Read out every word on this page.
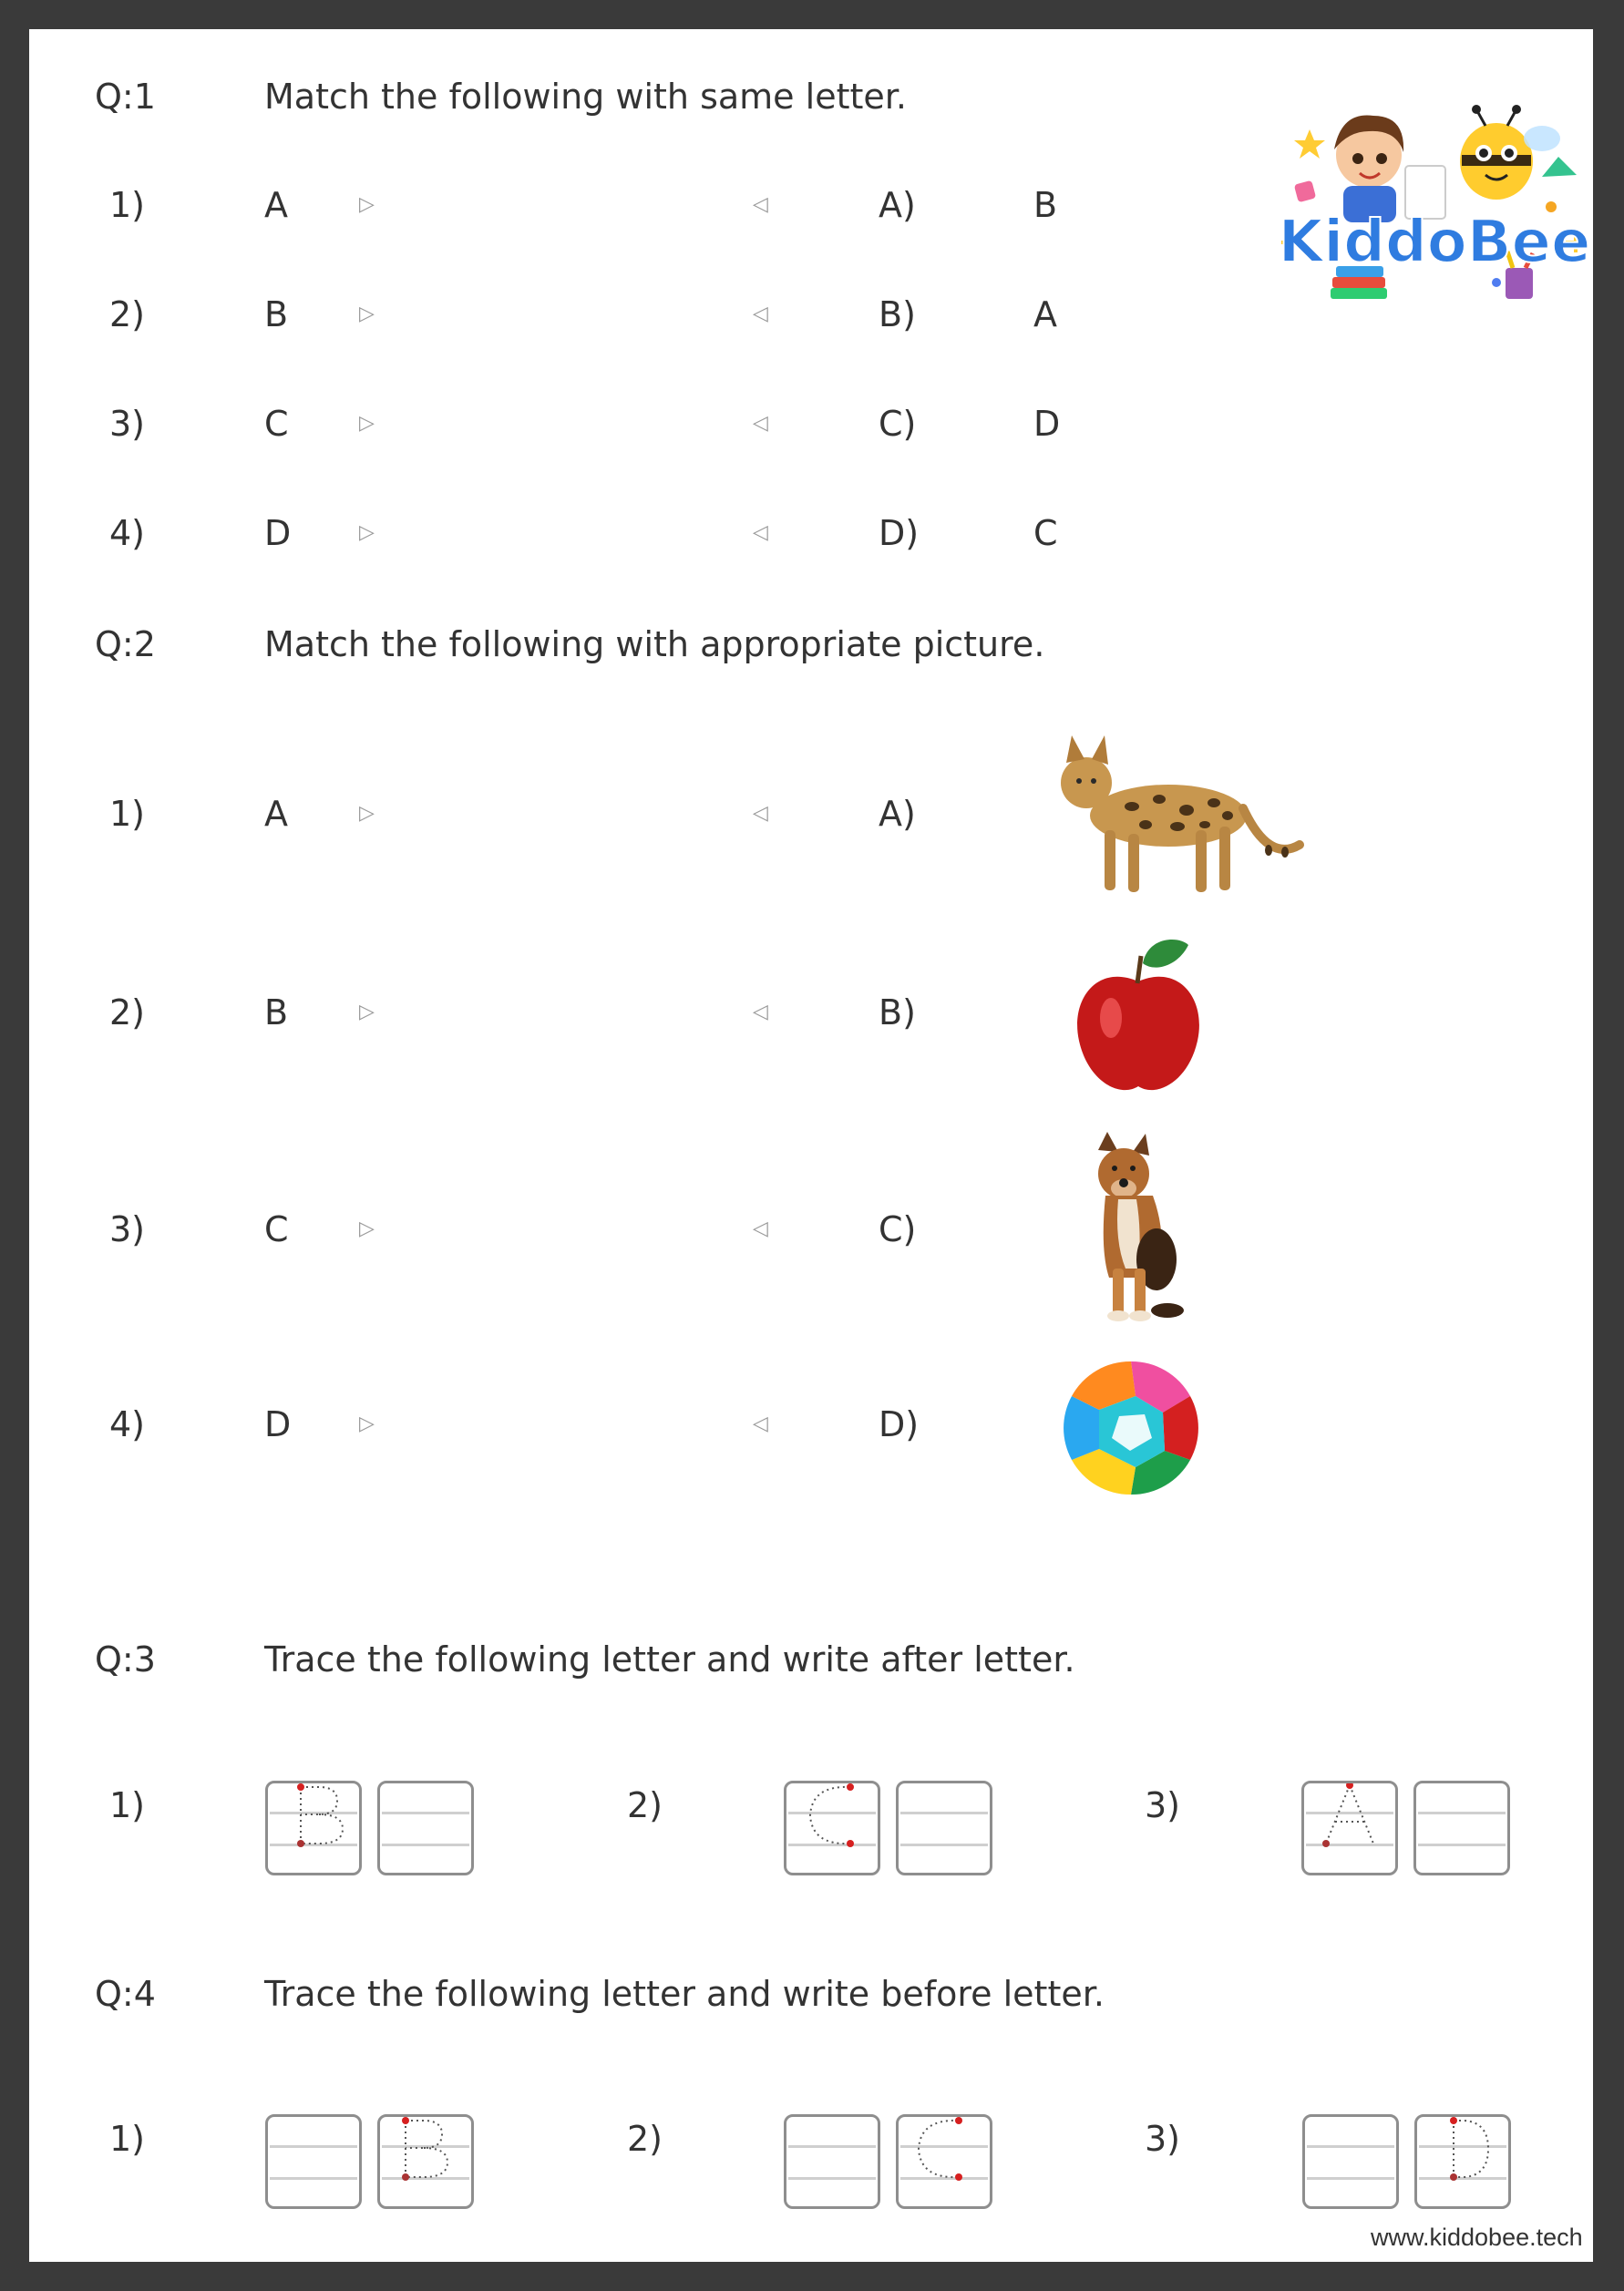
KiddoBee
Q:1	Match the following with same letter.
1)	A	▷	◁	A)	B
2)	B	▷	◁	B)	A
3)	C	▷	◁	C)	D
4)	D	▷	◁	D)	C
Q:2	Match the following with appropriate picture.
1)	A	▷	◁	A)
2)	B	▷	◁	B)
3)	C	▷	◁	C)
4)	D	▷	◁	D)
Q:3	Trace the following letter and write after letter.
1)	2)	3)
Q:4	Trace the following letter and write before letter.
1)	2)	3)
www.kiddobee.tech
